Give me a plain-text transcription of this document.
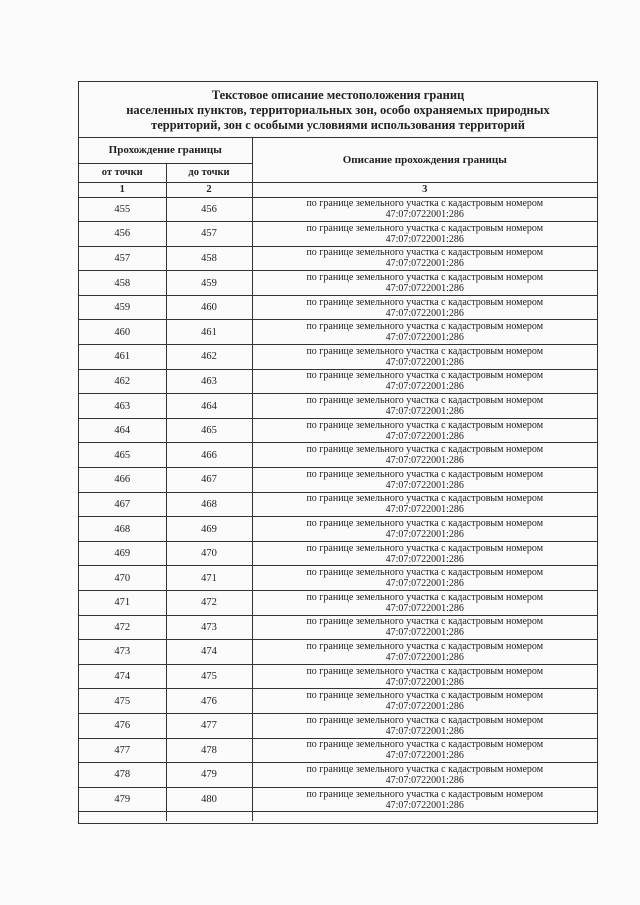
Текстовое описание местоположения границ
населенных пунктов, территориальных зон, особо охраняемых природных
территорий, зон с особыми условиями использования территорий
Прохождение границы		Описание прохождения границы
от точки	до точки	
1	2	3
455	456	по границе земельного участка с кадастровым номером
47:07:0722001:286

456	457	по границе земельного участка с кадастровым номером
47:07:0722001:286

457	458	по границе земельного участка с кадастровым номером
47:07:0722001:286

458	459	по границе земельного участка с кадастровым номером
47:07:0722001:286

459	460	по границе земельного участка с кадастровым номером
47:07:0722001:286

460	461	по границе земельного участка с кадастровым номером
47:07:0722001:286

461	462	по границе земельного участка с кадастровым номером
47:07:0722001:286

462	463	по границе земельного участка с кадастровым номером
47:07:0722001:286

463	464	по границе земельного участка с кадастровым номером
47:07:0722001:286

464	465	по границе земельного участка с кадастровым номером
47:07:0722001:286

465	466	по границе земельного участка с кадастровым номером
47:07:0722001:286

466	467	по границе земельного участка с кадастровым номером
47:07:0722001:286

467	468	по границе земельного участка с кадастровым номером
47:07:0722001:286

468	469	по границе земельного участка с кадастровым номером
47:07:0722001:286

469	470	по границе земельного участка с кадастровым номером
47:07:0722001:286

470	471	по границе земельного участка с кадастровым номером
47:07:0722001:286

471	472	по границе земельного участка с кадастровым номером
47:07:0722001:286

472	473	по границе земельного участка с кадастровым номером
47:07:0722001:286

473	474	по границе земельного участка с кадастровым номером
47:07:0722001:286

474	475	по границе земельного участка с кадастровым номером
47:07:0722001:286

475	476	по границе земельного участка с кадастровым номером
47:07:0722001:286

476	477	по границе земельного участка с кадастровым номером
47:07:0722001:286

477	478	по границе земельного участка с кадастровым номером
47:07:0722001:286

478	479	по границе земельного участка с кадастровым номером
47:07:0722001:286

479	480	по границе земельного участка с кадастровым номером
47:07:0722001:286
